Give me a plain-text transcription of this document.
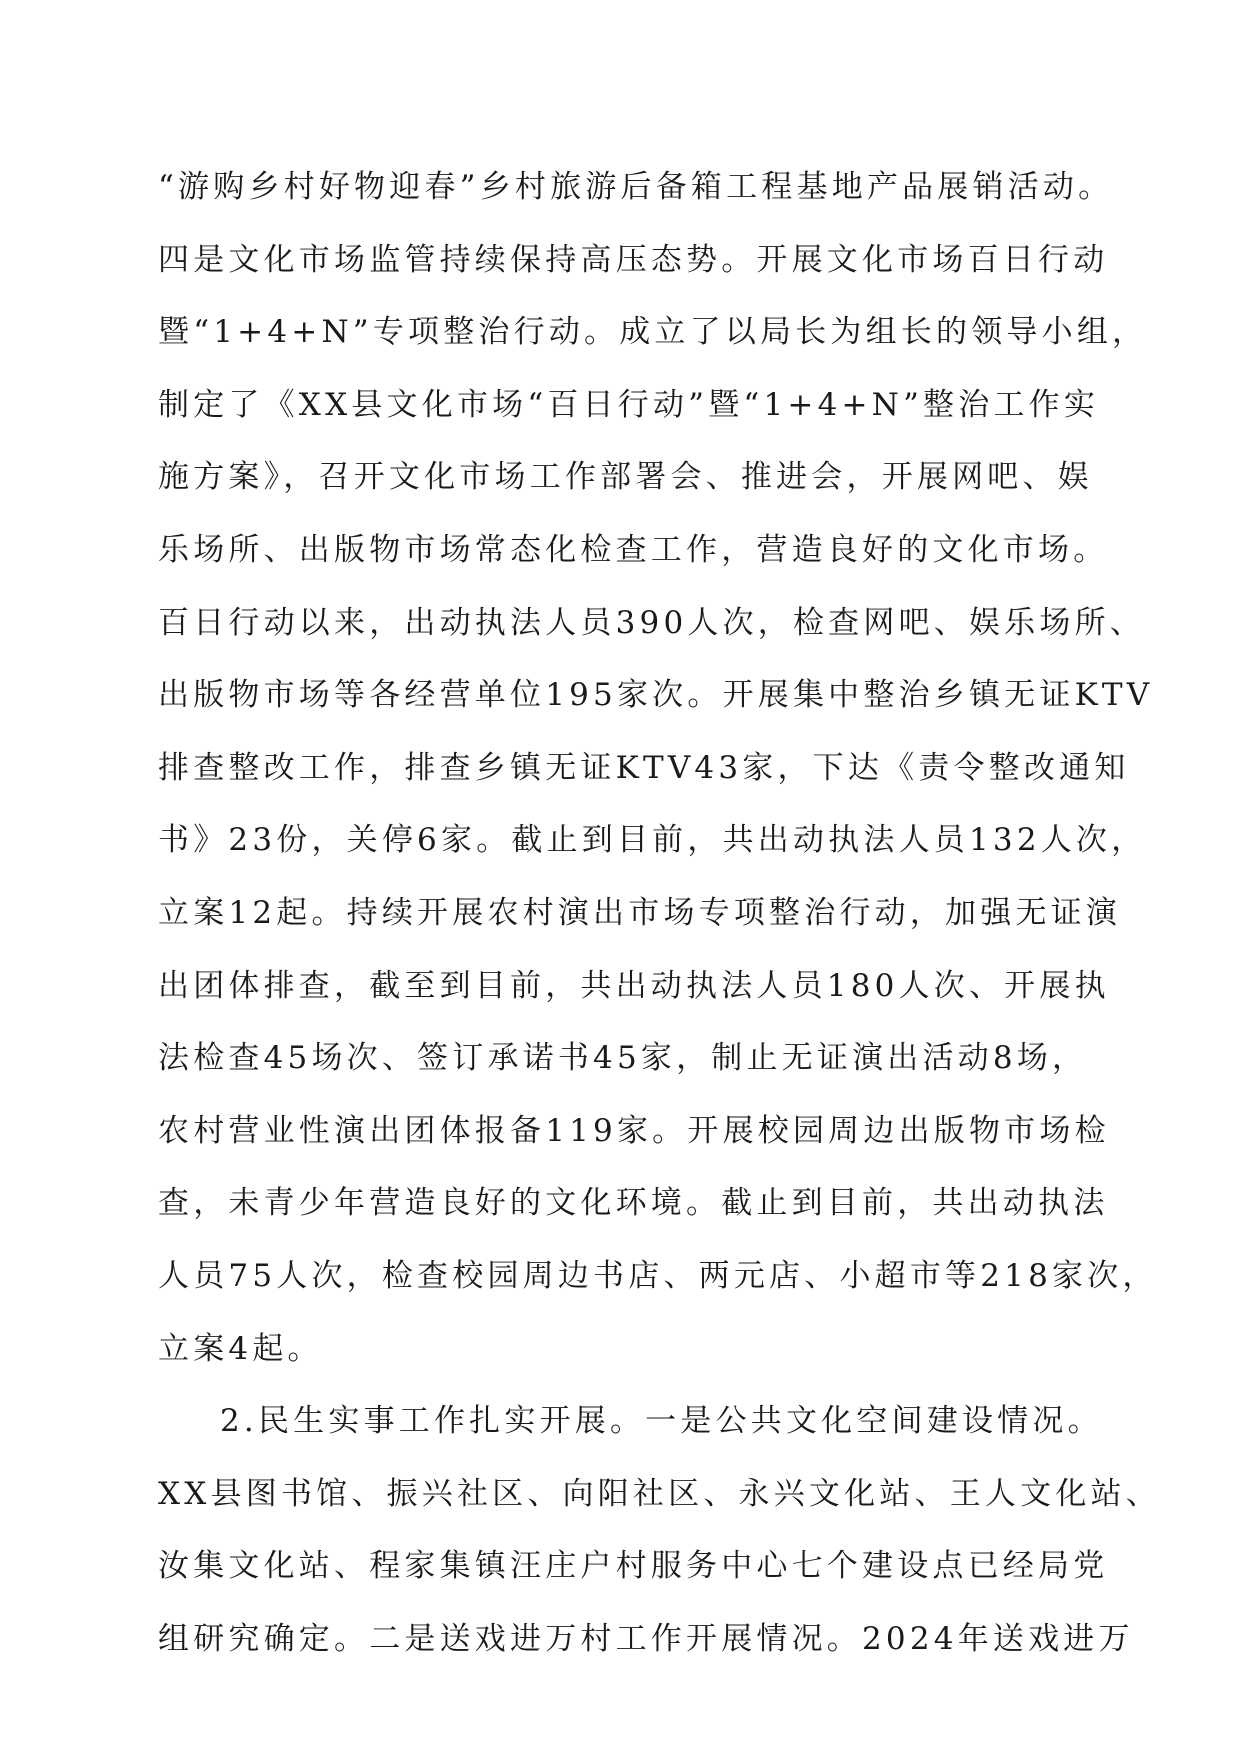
“游购乡村好物迎春”乡村旅游后备箱工程基地产品展销活动。
四是文化市场监管持续保持高压态势。开展文化市场百日行动
暨“1+4+N”专项整治行动。成立了以局长为组长的领导小组，
制定了《XX县文化市场“百日行动”暨“1+4+N”整治工作实
施方案》，召开文化市场工作部署会、推进会，开展网吧、娱
乐场所、出版物市场常态化检查工作，营造良好的文化市场。
百日行动以来，出动执法人员390人次，检查网吧、娱乐场所、
出版物市场等各经营单位195家次。开展集中整治乡镇无证KTV
排查整改工作，排查乡镇无证KTV43家，下达《责令整改通知
书》23份，关停6家。截止到目前，共出动执法人员132人次，
立案12起。持续开展农村演出市场专项整治行动，加强无证演
出团体排查，截至到目前，共出动执法人员180人次、开展执
法检查45场次、签订承诺书45家，制止无证演出活动8场，
农村营业性演出团体报备119家。开展校园周边出版物市场检
查，未青少年营造良好的文化环境。截止到目前，共出动执法
人员75人次，检查校园周边书店、两元店、小超市等218家次，
立案4起。
2.民生实事工作扎实开展。一是公共文化空间建设情况。
XX县图书馆、振兴社区、向阳社区、永兴文化站、王人文化站、
汝集文化站、程家集镇汪庄户村服务中心七个建设点已经局党
组研究确定。二是送戏进万村工作开展情况。2024年送戏进万
